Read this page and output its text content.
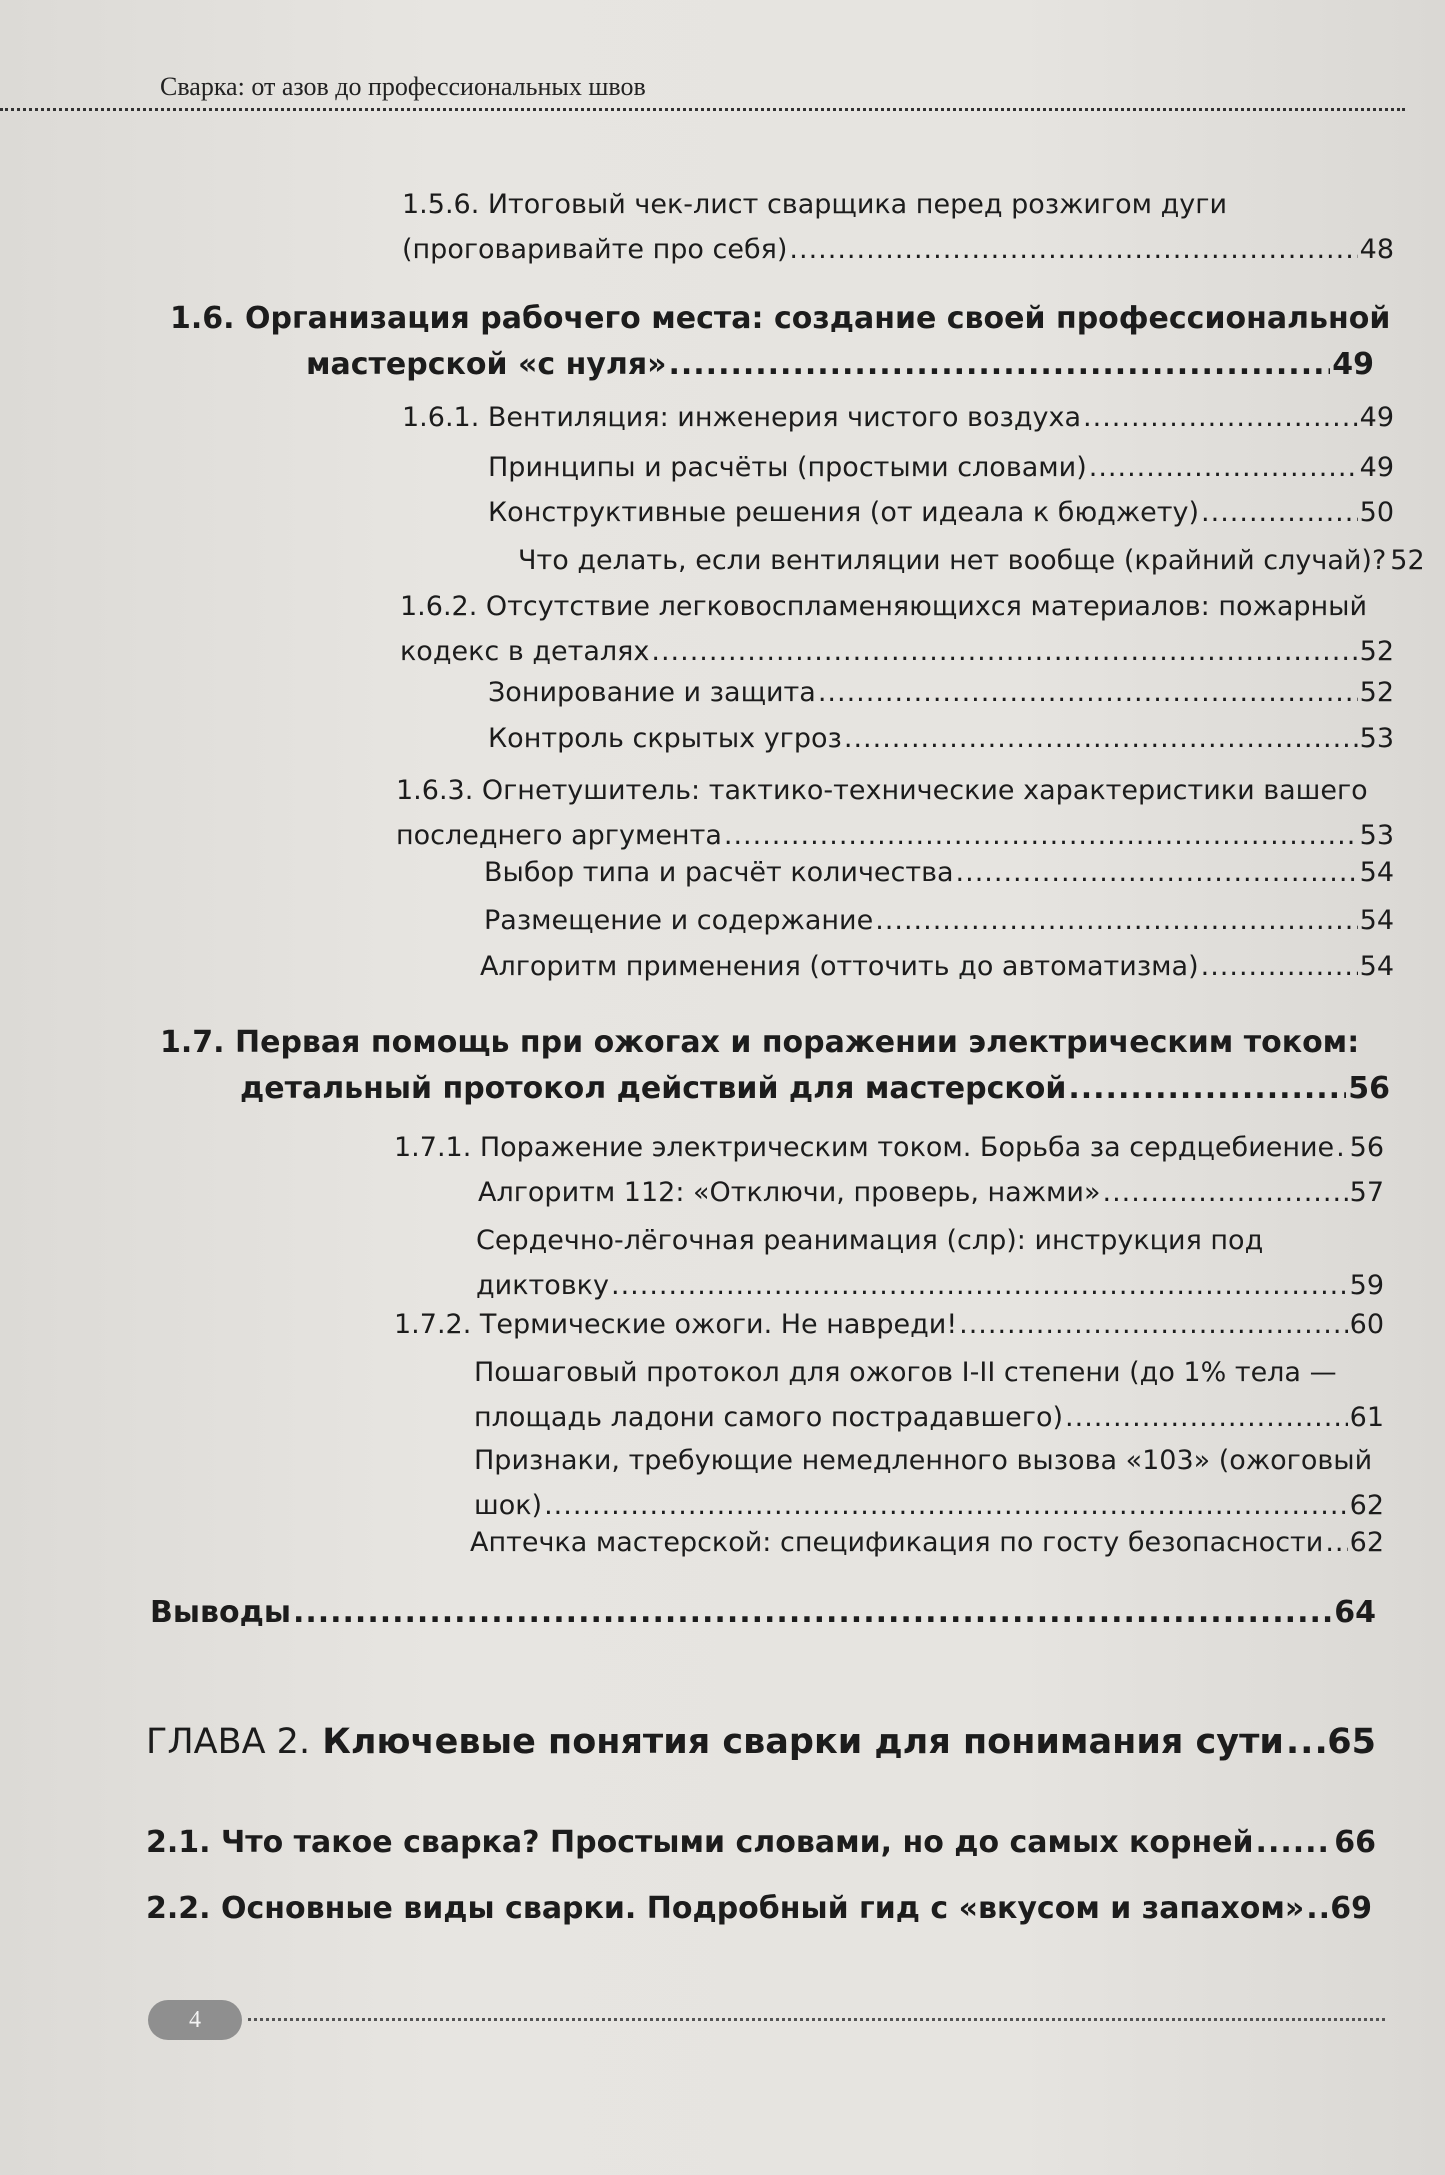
Сварка: от азов до профессиональных швов
1.5.6. Итоговый чек-лист сварщика перед розжигом дуги
(проговаривайте про себя) .....	48
1.6. Организация рабочего места: создание своей профессиональной
мастерской «с нуля» .....	49
1.6.1. Вентиляция: инженерия чистого воздуха .....	49
Принципы и расчёты (простыми словами) .....	49
Конструктивные решения (от идеала к бюджету) .....	50
Что делать, если вентиляции нет вообще (крайний случай)? 52
1.6.2. Отсутствие легковоспламеняющихся материалов: пожарный
кодекс в деталях .....	52
Зонирование и защита .....	52
Контроль скрытых угроз .....	53
1.6.3. Огнетушитель: тактико-технические характеристики вашего
последнего аргумента .....	53
Выбор типа и расчёт количества .....	54
Размещение и содержание .....	54
Алгоритм применения (отточить до автоматизма) .....	54
1.7. Первая помощь при ожогах и поражении электрическим током:
детальный протокол действий для мастерской .....	56
1.7.1. Поражение электрическим током. Борьба за сердцебиение ..... 56
Алгоритм 112: «Отключи, проверь, нажми» .....	57
Сердечно-лёгочная реанимация (слр): инструкция под
диктовку .....	59
1.7.2. Термические ожоги. Не навреди! .....	60
Пошаговый протокол для ожогов I-II степени (до 1% тела —
площадь ладони самого пострадавшего) .....	61
Признаки, требующие немедленного вызова «103» (ожоговый
шок) .....	62
Аптечка мастерской: спецификация по госту безопасности ..... 62
Выводы .....	64
ГЛАВА 2.
Ключевые понятия сварки для понимания сути ..... 65
2.1. Что такое сварка? Простыми словами, но до самых корней .....	66
2.2. Основные виды сварки. Подробный гид с «вкусом и запахом» ..... 69
4
